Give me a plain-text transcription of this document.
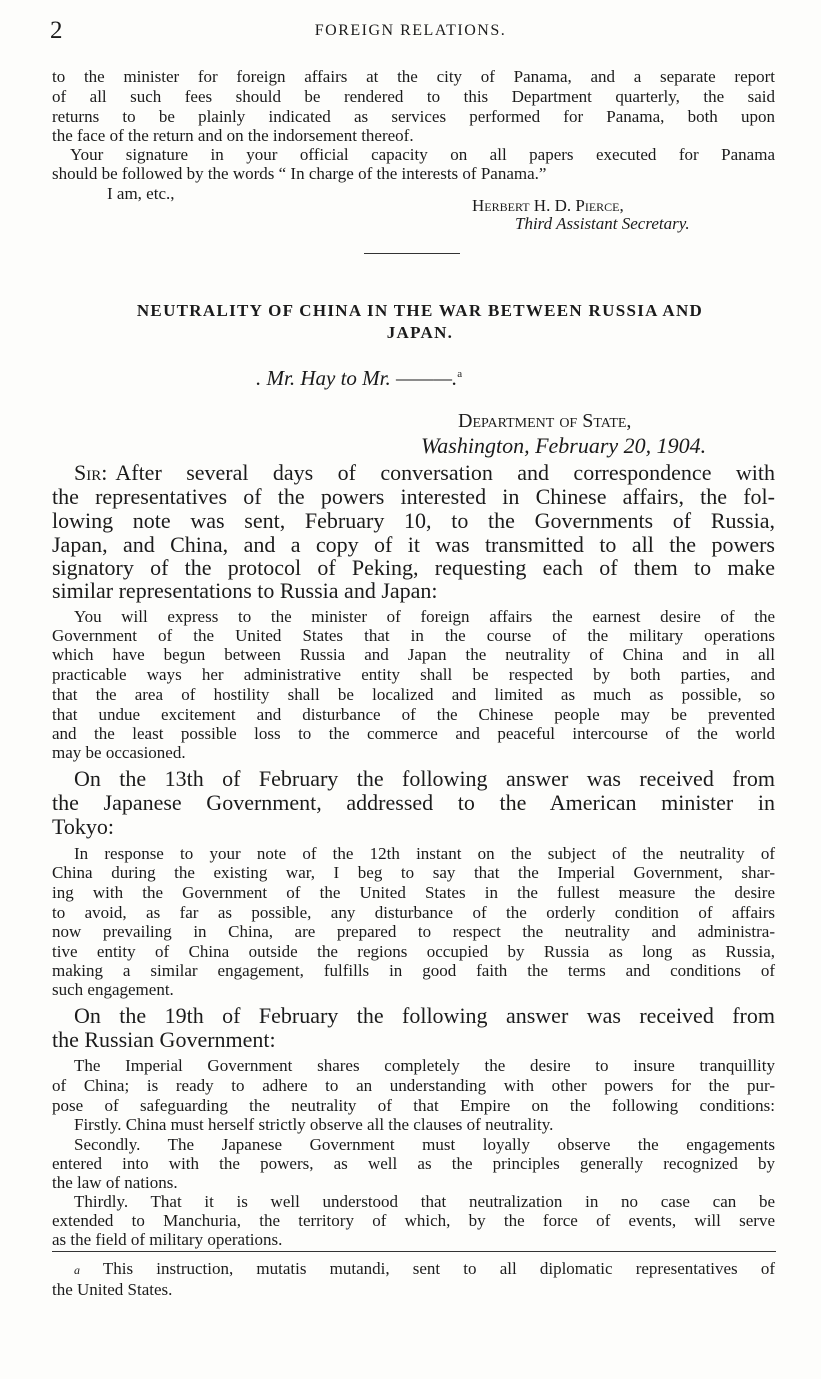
2	FOREIGN RELATIONS.
to the minister for foreign affairs at the city of Panama, and a separate report
of all such fees should be rendered to this Department quarterly, the said
returns to be plainly indicated as services performed for Panama, both upon
the face of the return and on the indorsement thereof.
Your signature in your official capacity on all papers executed for Panama
should be followed by the words “ In charge of the interests of Panama.”
I am, etc.,
Herbert H. D. Pierce,
Third Assistant Secretary.
NEUTRALITY OF CHINA IN THE WAR BETWEEN RUSSIA AND
JAPAN.
. Mr. Hay to Mr. ———.$^a$
Department of State,
Washington, February 20, 1904.
Sir: After several days of conversation and correspondence with
the representatives of the powers interested in Chinese affairs, the fol-
lowing note was sent, February 10, to the Governments of Russia,
Japan, and China, and a copy of it was transmitted to all the powers
signatory of the protocol of Peking, requesting each of them to make
similar representations to Russia and Japan:
You will express to the minister of foreign affairs the earnest desire of the
Government of the United States that in the course of the military operations
which have begun between Russia and Japan the neutrality of China and in all
practicable ways her administrative entity shall be respected by both parties, and
that the area of hostility shall be localized and limited as much as possible, so
that undue excitement and disturbance of the Chinese people may be prevented
and the least possible loss to the commerce and peaceful intercourse of the world
may be occasioned.
On the 13th of February the following answer was received from
the Japanese Government, addressed to the American minister in
Tokyo:
In response to your note of the 12th instant on the subject of the neutrality of
China during the existing war, I beg to say that the Imperial Government, shar-
ing with the Government of the United States in the fullest measure the desire
to avoid, as far as possible, any disturbance of the orderly condition of affairs
now prevailing in China, are prepared to respect the neutrality and administra-
tive entity of China outside the regions occupied by Russia as long as Russia,
making a similar engagement, fulfills in good faith the terms and conditions of
such engagement.
On the 19th of February the following answer was received from
the Russian Government:
The Imperial Government shares completely the desire to insure tranquillity
of China; is ready to adhere to an understanding with other powers for the pur-
pose of safeguarding the neutrality of that Empire on the following conditions:
Firstly. China must herself strictly observe all the clauses of neutrality.
Secondly. The Japanese Government must loyally observe the engagements
entered into with the powers, as well as the principles generally recognized by
the law of nations.
Thirdly. That it is well understood that neutralization in no case can be
extended to Manchuria, the territory of which, by the force of events, will serve
as the field of military operations.
a This instruction, mutatis mutandi, sent to all diplomatic representatives of
the United States.
